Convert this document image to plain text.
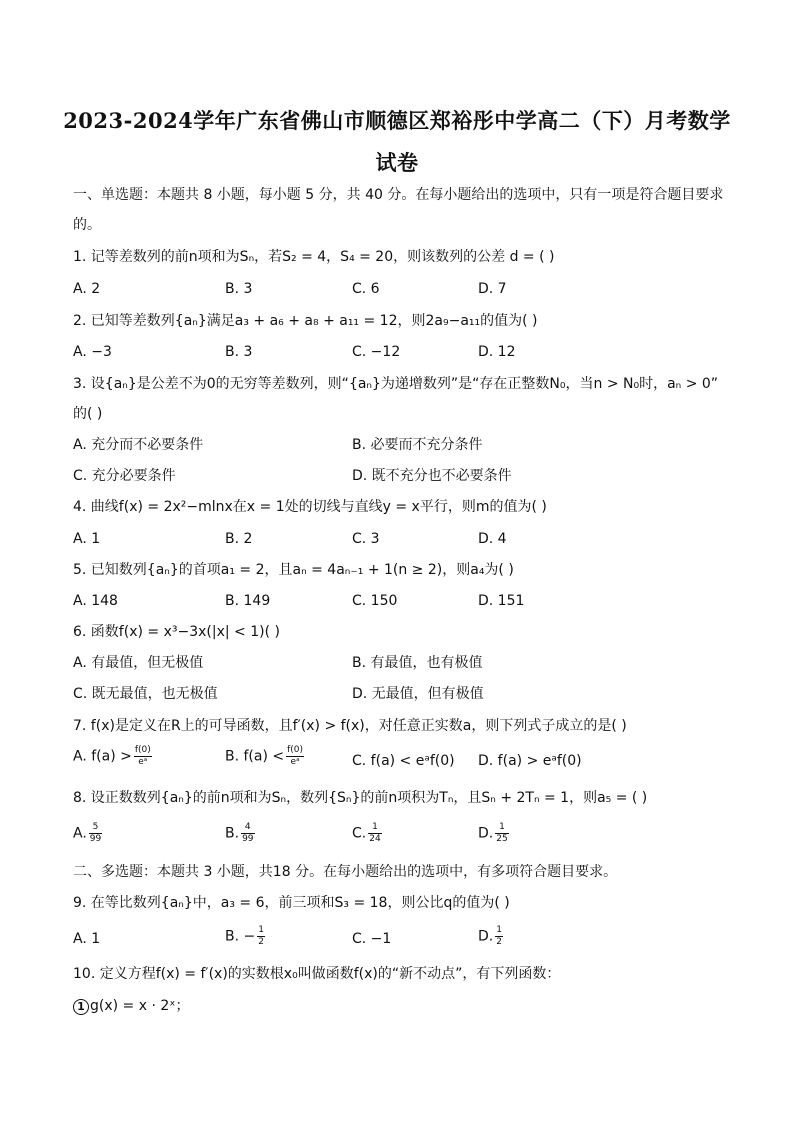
2023-2024学年广东省佛山市顺德区郑裕彤中学高二（下）月考数学
试卷
一、单选题：本题共 8 小题，每小题 5 分，共 40 分。在每小题给出的选项中，只有一项是符合题目要求
的。
1. 记等差数列的前n项和为Sₙ，若S₂ = 4，S₄ = 20，则该数列的公差 d = ( )
A. 2	B. 3	C. 6	D. 7
2. 已知等差数列{aₙ}满足a₃ + a₆ + a₈ + a₁₁ = 12，则2a₉−a₁₁的值为( )
A. −3	B. 3	C. −12	D. 12
3. 设{aₙ}是公差不为0的无穷等差数列，则“{aₙ}为递增数列”是“存在正整数N₀，当n > N₀时，aₙ > 0”
的( )
A. 充分而不必要条件	B. 必要而不充分条件
C. 充分必要条件	D. 既不充分也不必要条件
4. 曲线f(x) = 2x²−mlnx在x = 1处的切线与直线y = x平行，则m的值为( )
A. 1	B. 2	C. 3	D. 4
5. 已知数列{aₙ}的首项a₁ = 2，且aₙ = 4aₙ₋₁ + 1(n ≥ 2)，则a₄为( )
A. 148	B. 149	C. 150	D. 151
6. 函数f(x) = x³−3x(|x| < 1)( )
A. 有最值，但无极值	B. 有最值，也有极值
C. 既无最值，也无极值	D. 无最值，但有极值
7. f(x)是定义在R上的可导函数，且f′(x) > f(x)，对任意正实数a，则下列式子成立的是( )
A. $f(a) > \frac{f(0)}{\text{eᵃ}}$	B. $f(a) < \frac{f(0)}{\text{eᵃ}}$	C. f(a) < eᵃf(0) D. f(a) > eᵃf(0)
8. 设正数数列{aₙ}的前n项和为Sₙ，数列{Sₙ}的前n项积为Tₙ，且Sₙ + 2Tₙ = 1，则a₅ = ( )
A. $\frac{5}{99}$	B. $\frac{4}{99}$	C. $\frac{1}{24}$	D. $\frac{1}{25}$
二、多选题：本题共 3 小题，共18 分。在每小题给出的选项中，有多项符合题目要求。
9. 在等比数列{aₙ}中，a₃ = 6，前三项和S₃ = 18，则公比q的值为( )
A. 1	B. − $\frac{1}{2}$	C. −1	D. $\frac{1}{2}$
10. 定义方程f(x) = f′(x)的实数根x₀叫做函数f(x)的“新不动点”，有下列函数：
1 g(x) = x · 2ˣ；
